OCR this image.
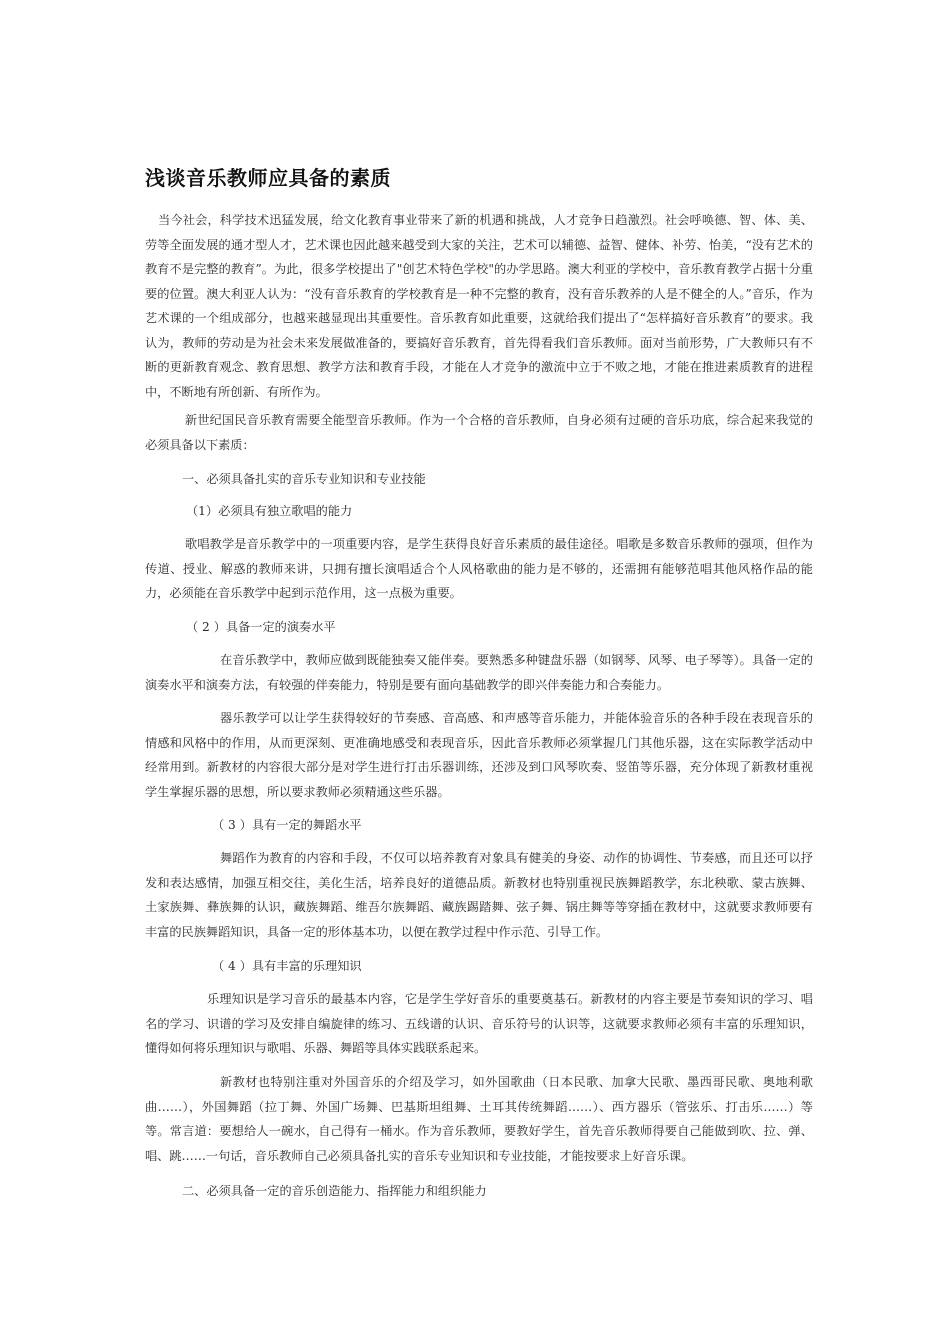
浅谈音乐教师应具备的素质
当今社会，科学技术迅猛发展，给文化教育事业带来了新的机遇和挑战，人才竞争日趋激烈。社会呼唤德、智、体、美、劳等全面发展的通才型人才，艺术课也因此越来越受到大家的关注，艺术可以辅德、益智、健体、补劳、怡美，“没有艺术的教育不是完整的教育”。为此，很多学校提出了"创艺术特色学校"的办学思路。澳大利亚的学校中，音乐教育教学占据十分重要的位置。澳大利亚人认为：“没有音乐教育的学校教育是一种不完整的教育，没有音乐教养的人是不健全的人。”音乐，作为艺术课的一个组成部分，也越来越显现出其重要性。音乐教育如此重要，这就给我们提出了“怎样搞好音乐教育”的要求。我认为，教师的劳动是为社会未来发展做准备的，要搞好音乐教育，首先得看我们音乐教师。面对当前形势，广大教师只有不断的更新教育观念、教育思想、教学方法和教育手段，才能在人才竞争的激流中立于不败之地，才能在推进素质教育的进程中，不断地有所创新、有所作为。
新世纪国民音乐教育需要全能型音乐教师。作为一个合格的音乐教师，自身必须有过硬的音乐功底，综合起来我觉的必须具备以下素质：
一、必须具备扎实的音乐专业知识和专业技能
（1）必须具有独立歌唱的能力
歌唱教学是音乐教学中的一项重要内容，是学生获得良好音乐素质的最佳途径。唱歌是多数音乐教师的强项，但作为传道、授业、解惑的教师来讲，只拥有擅长演唱适合个人风格歌曲的能力是不够的，还需拥有能够范唱其他风格作品的能力，必须能在音乐教学中起到示范作用，这一点极为重要。
（ 2 ）具备一定的演奏水平
在音乐教学中，教师应做到既能独奏又能伴奏。要熟悉多种键盘乐器（如钢琴、风琴、电子琴等）。具备一定的演奏水平和演奏方法，有较强的伴奏能力，特别是要有面向基础教学的即兴伴奏能力和合奏能力。
器乐教学可以让学生获得较好的节奏感、音高感、和声感等音乐能力，并能体验音乐的各种手段在表现音乐的情感和风格中的作用，从而更深刻、更准确地感受和表现音乐，因此音乐教师必须掌握几门其他乐器，这在实际教学活动中经常用到。新教材的内容很大部分是对学生进行打击乐器训练，还涉及到口风琴吹奏、竖笛等乐器，充分体现了新教材重视学生掌握乐器的思想，所以要求教师必须精通这些乐器。
（ 3 ）具有一定的舞蹈水平
舞蹈作为教育的内容和手段，不仅可以培养教育对象具有健美的身姿、动作的协调性、节奏感，而且还可以抒发和表达感情，加强互相交往，美化生活，培养良好的道德品质。新教材也特别重视民族舞蹈教学，东北秧歌、蒙古族舞、土家族舞、彝族舞的认识，藏族舞蹈、维吾尔族舞蹈、藏族踢踏舞、弦子舞、锅庄舞等等穿插在教材中，这就要求教师要有丰富的民族舞蹈知识，具备一定的形体基本功，以便在教学过程中作示范、引导工作。
（ 4 ）具有丰富的乐理知识
乐理知识是学习音乐的最基本内容，它是学生学好音乐的重要奠基石。新教材的内容主要是节奏知识的学习、唱名的学习、识谱的学习及安排自编旋律的练习、五线谱的认识、音乐符号的认识等，这就要求教师必须有丰富的乐理知识，懂得如何将乐理知识与歌唱、乐器、舞蹈等具体实践联系起来。
新教材也特别注重对外国音乐的介绍及学习，如外国歌曲（日本民歌、加拿大民歌、墨西哥民歌、奥地利歌曲……），外国舞蹈（拉丁舞、外国广场舞、巴基斯坦组舞、土耳其传统舞蹈……）、西方器乐（管弦乐、打击乐……）等等。常言道：要想给人一碗水，自己得有一桶水。作为音乐教师，要教好学生，首先音乐教师得要自己能做到吹、拉、弹、唱、跳……一句话，音乐教师自己必须具备扎实的音乐专业知识和专业技能，才能按要求上好音乐课。
二、必须具备一定的音乐创造能力、指挥能力和组织能力
